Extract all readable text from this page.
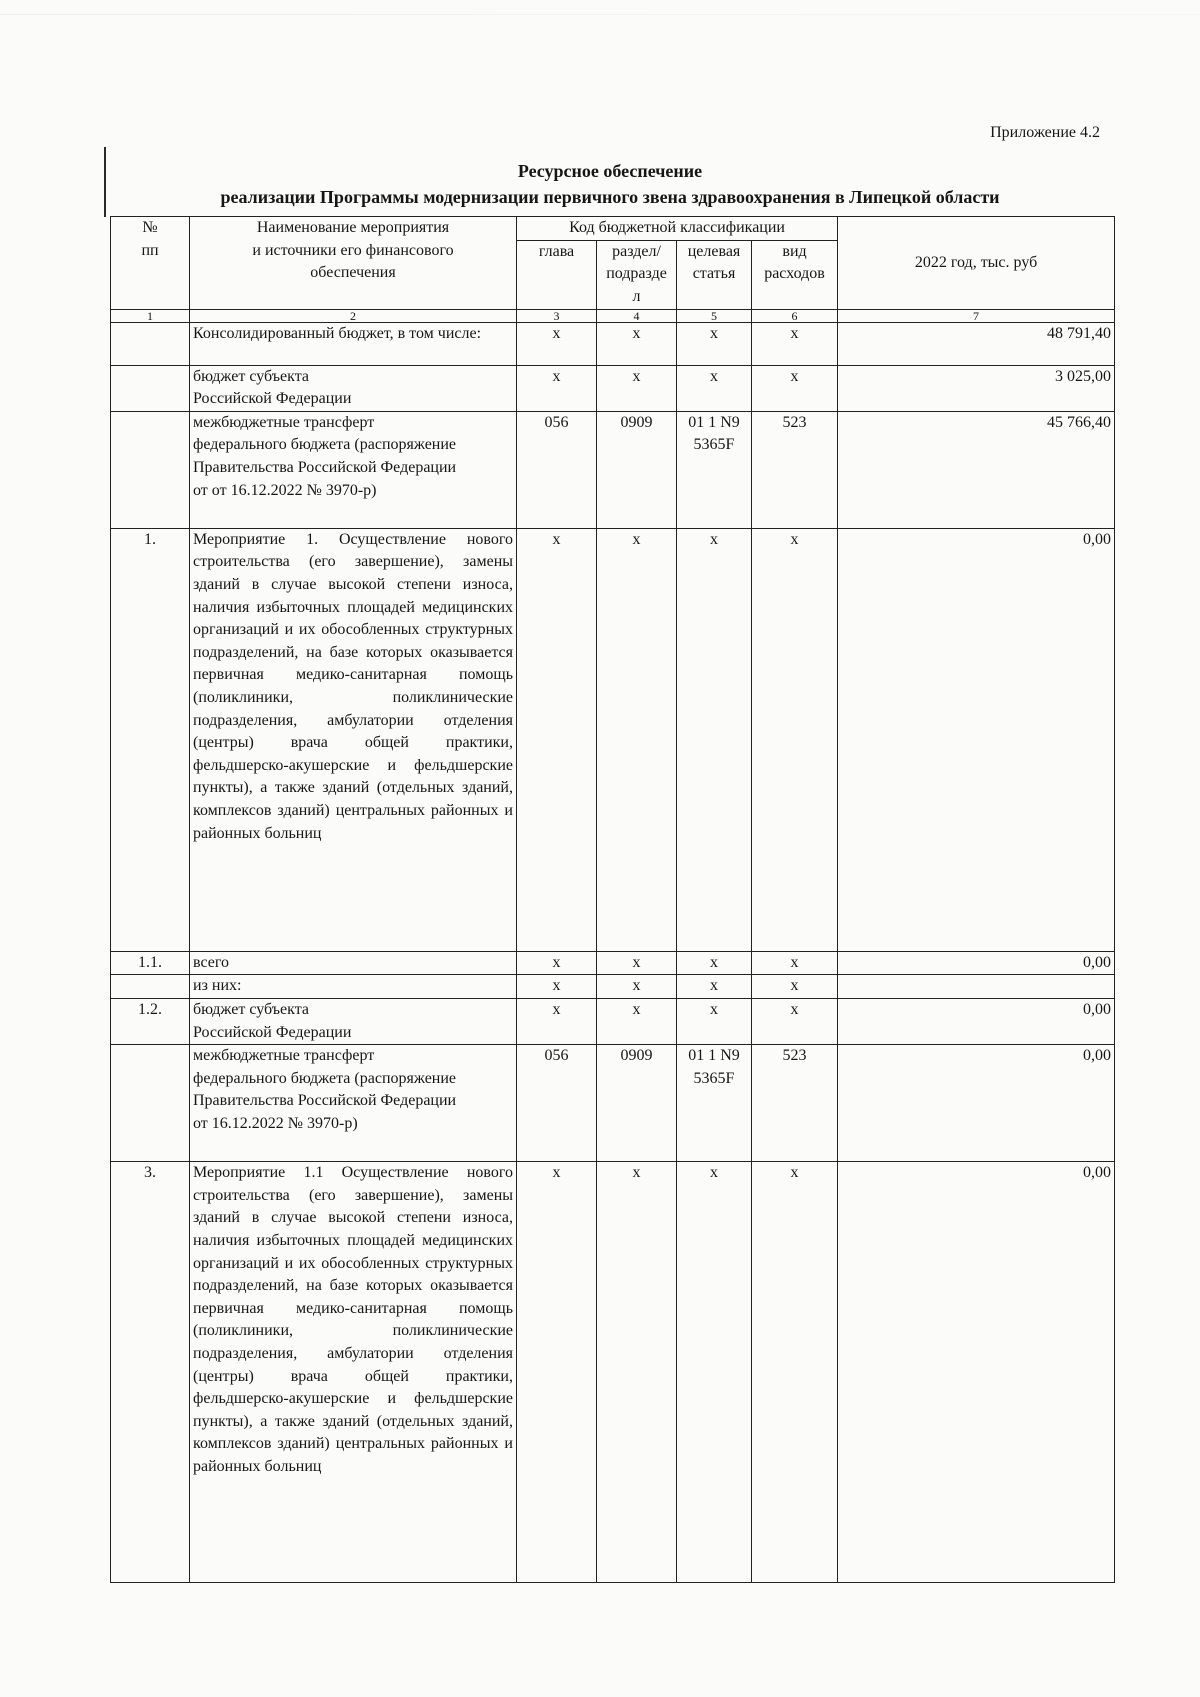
Приложение 4.2
Ресурсное обеспечение
реализации Программы модернизации первичного звена здравоохранения в Липецкой области
№
пп	Наименование мероприятия
и источники его финансового
обеспечения	Код бюджетной классификации				2022 год, тыс. руб
		глава	раздел/
подразде
л	целевая
статья	вид
расходов	
1	2	3	4	5	6	7
	Консолидированный бюджет, в том числе:	x	x	x	x	48 791,40
	бюджет субъекта
Российской Федерации	x	x	x	x	3 025,00
	межбюджетные трансферт
федерального бюджета (распоряжение
Правительства Российской Федерации
от от 16.12.2022 № 3970-р)	056	0909	01 1 N9
5365F	523	45 766,40
1.	Мероприятие 1. Осуществление нового строительства (его завершение), замены зданий в случае высокой степени износа, наличия избыточных площадей медицинских организаций и их обособленных структурных подразделений, на базе которых оказывается первичная медико-санитарная помощь (поликлиники, поликлинические подразделения, амбулатории отделения (центры) врача общей практики, фельдшерско-акушерские и фельдшерские пункты), а также зданий (отдельных зданий, комплексов зданий) центральных районных и районных больниц	x	x	x	x	0,00
1.1.	всего	x	x	x	x	0,00
	из них:	x	x	x	x	
1.2.	бюджет субъекта
Российской Федерации	x	x	x	x	0,00
	межбюджетные трансферт
федерального бюджета (распоряжение
Правительства Российской Федерации
от 16.12.2022 № 3970-р)	056	0909	01 1 N9
5365F	523	0,00
3.	Мероприятие 1.1 Осуществление нового строительства (его завершение), замены зданий в случае высокой степени износа, наличия избыточных площадей медицинских организаций и их обособленных структурных подразделений, на базе которых оказывается первичная медико-санитарная помощь (поликлиники, поликлинические подразделения, амбулатории отделения (центры) врача общей практики, фельдшерско-акушерские и фельдшерские пункты), а также зданий (отдельных зданий, комплексов зданий) центральных районных и районных больниц	x	x	x	x	0,00
